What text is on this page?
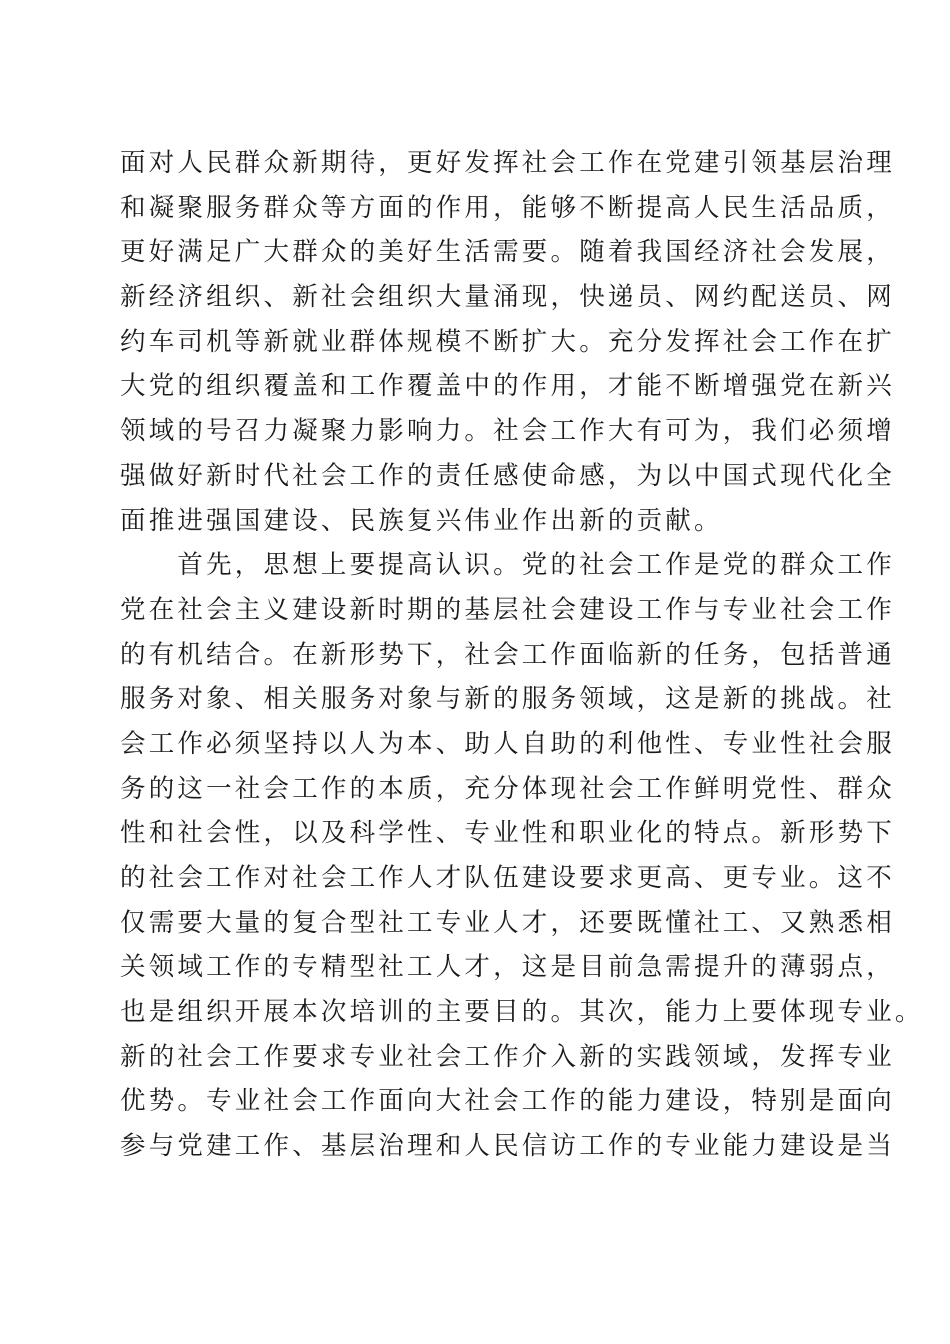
面对人民群众新期待，更好发挥社会工作在党建引领基层治理
和凝聚服务群众等方面的作用，能够不断提高人民生活品质，
更好满足广大群众的美好生活需要。随着我国经济社会发展，
新经济组织、新社会组织大量涌现，快递员、网约配送员、网
约车司机等新就业群体规模不断扩大。充分发挥社会工作在扩
大党的组织覆盖和工作覆盖中的作用，才能不断增强党在新兴
领域的号召力凝聚力影响力。社会工作大有可为，我们必须增
强做好新时代社会工作的责任感使命感，为以中国式现代化全
面推进强国建设、民族复兴伟业作出新的贡献。
　　首先，思想上要提高认识。党的社会工作是党的群众工作
党在社会主义建设新时期的基层社会建设工作与专业社会工作
的有机结合。在新形势下，社会工作面临新的任务，包括普通
服务对象、相关服务对象与新的服务领域，这是新的挑战。社
会工作必须坚持以人为本、助人自助的利他性、专业性社会服
务的这一社会工作的本质，充分体现社会工作鲜明党性、群众
性和社会性，以及科学性、专业性和职业化的特点。新形势下
的社会工作对社会工作人才队伍建设要求更高、更专业。这不
仅需要大量的复合型社工专业人才，还要既懂社工、又熟悉相
关领域工作的专精型社工人才，这是目前急需提升的薄弱点，
也是组织开展本次培训的主要目的。其次，能力上要体现专业。
新的社会工作要求专业社会工作介入新的实践领域，发挥专业
优势。专业社会工作面向大社会工作的能力建设，特别是面向
参与党建工作、基层治理和人民信访工作的专业能力建设是当
